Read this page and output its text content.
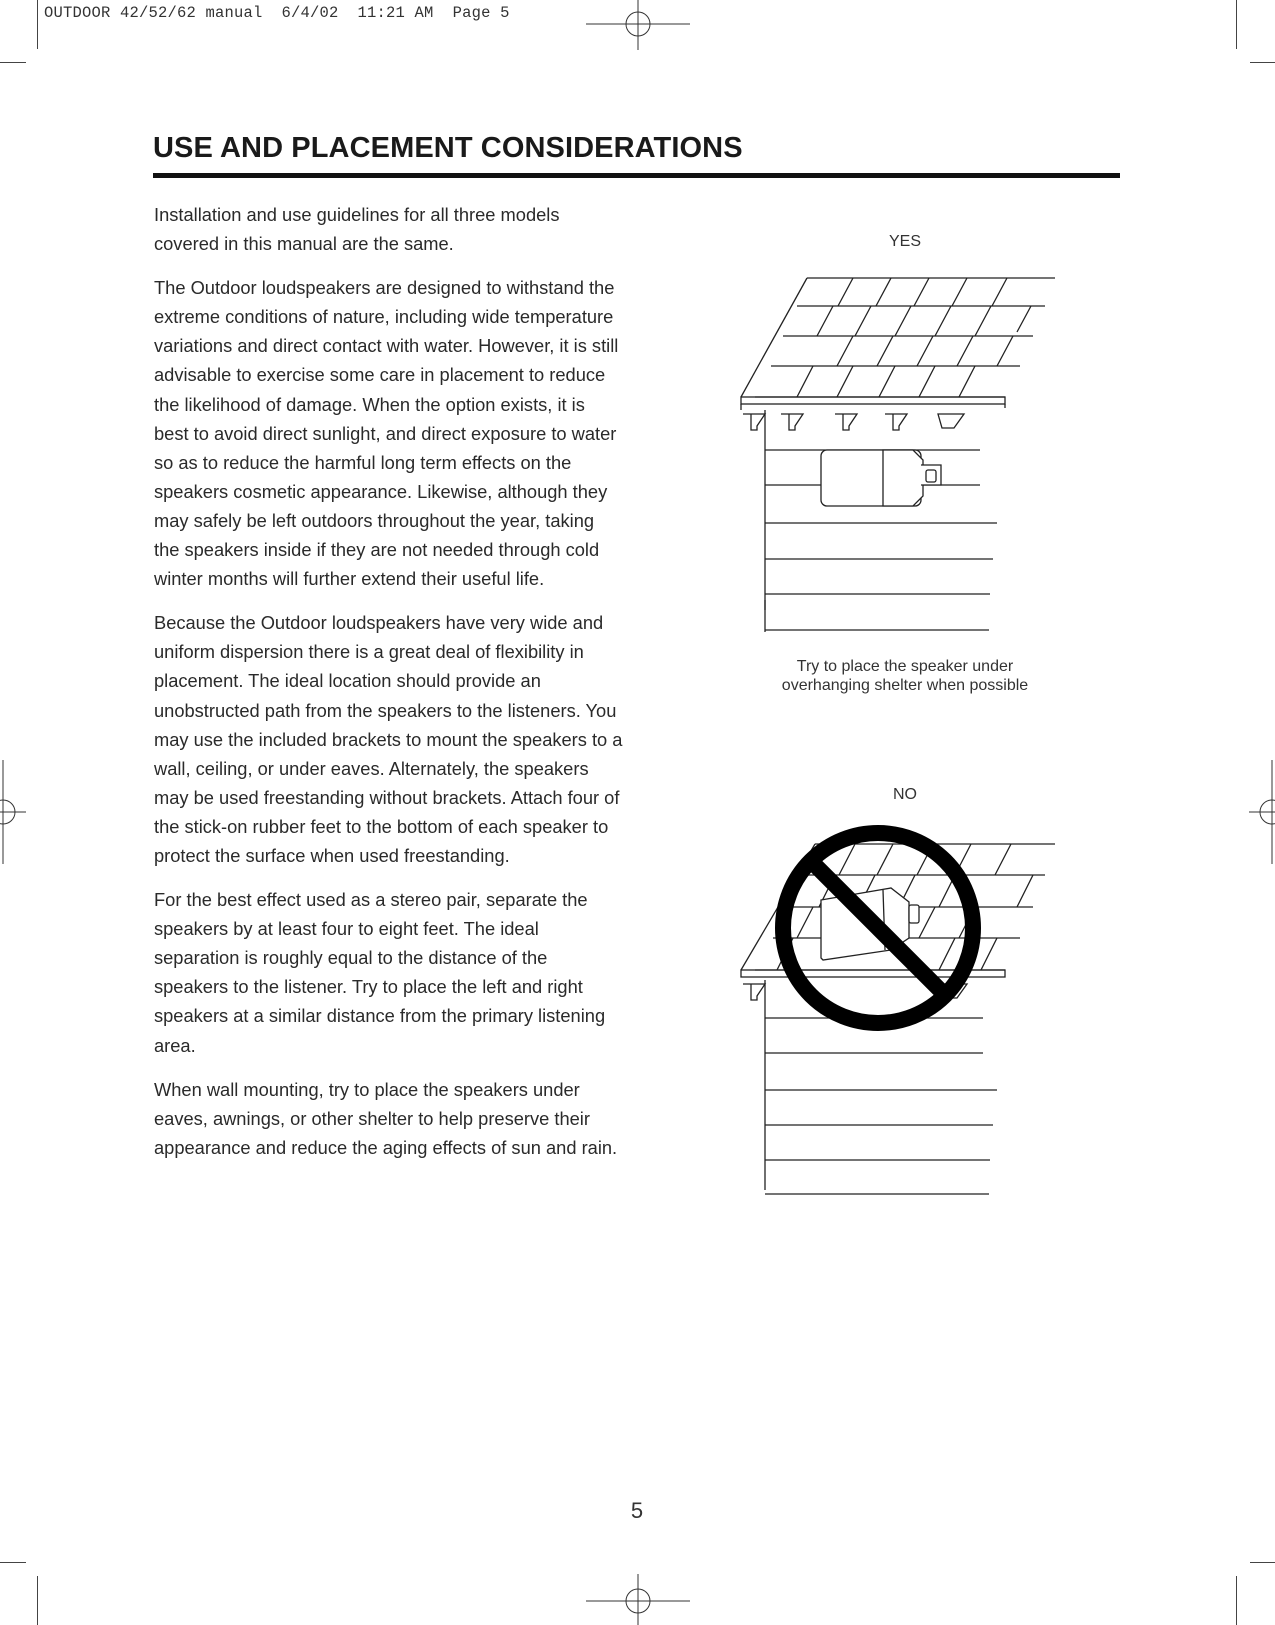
OUTDOOR 42/52/62 manual  6/4/02  11:21 AM  Page 5
USE AND PLACEMENT CONSIDERATIONS

Installation and use guidelines for all three models covered in this manual are the same.

The Outdoor loudspeakers are designed to withstand the extreme conditions of nature, including wide temperature variations and direct contact with water. However, it is still advisable to exercise some care in placement to reduce the likelihood of damage. When the option exists, it is best to avoid direct sunlight, and direct exposure to water so as to reduce the harmful long term effects on the speakers cosmetic appearance. Likewise, although they may safely be left outdoors throughout the year, taking the speakers inside if they are not needed through cold winter months will further extend their useful life.

Because the Outdoor loudspeakers have very wide and uniform dispersion there is a great deal of flexibility in placement. The ideal location should provide an unobstructed path from the speakers to the listeners. You may use the included brackets to mount the speakers to a wall, ceiling, or under eaves. Alternately, the speakers may be used freestanding without brackets. Attach four of the stick-on rubber feet to the bottom of each speaker to protect the surface when used freestanding.

For the best effect used as a stereo pair, separate the speakers by at least four to eight feet. The ideal separation is roughly equal to the distance of the speakers to the listener. Try to place the left and right speakers at a similar distance from the primary listening area.

When wall mounting, try to place the speakers under eaves, awnings, or other shelter to help preserve their appearance and reduce the aging effects of sun and rain.

YES
Try to place the speaker under
overhanging shelter when possible
NO
5
